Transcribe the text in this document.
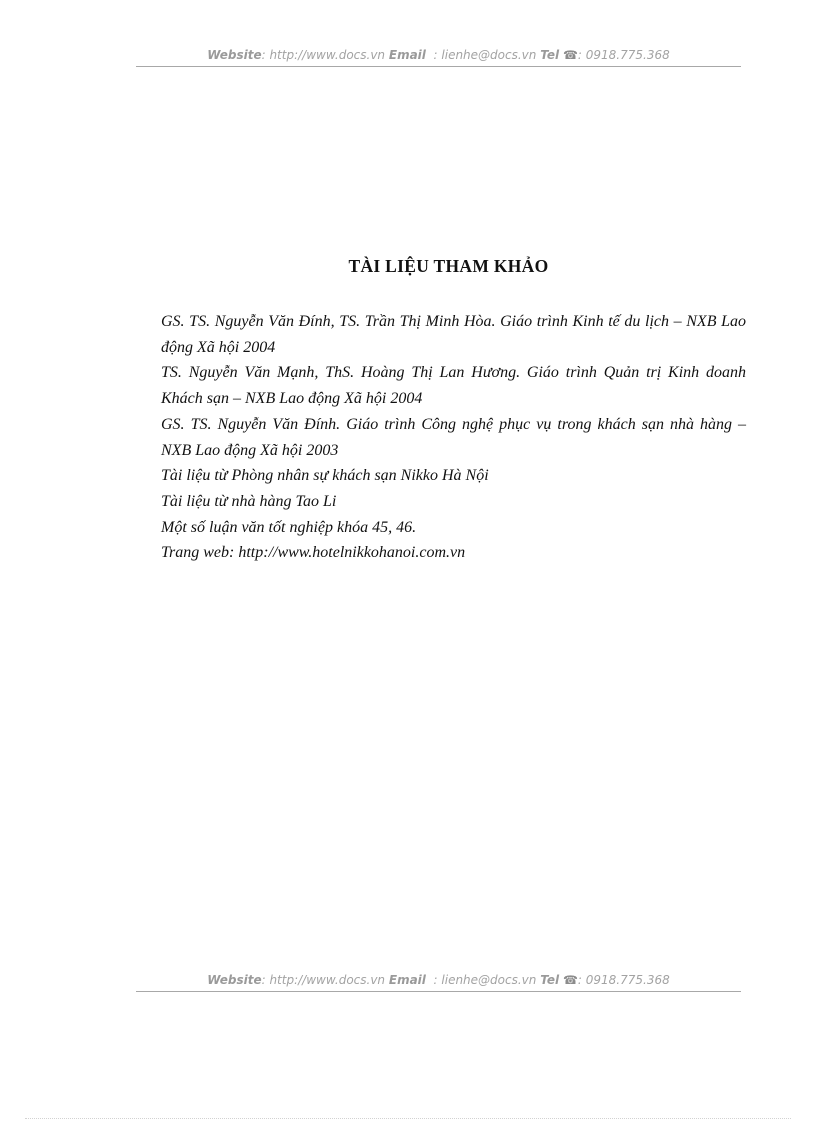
Website: http://www.docs.vn Email : lienhe@docs.vn Tel ☎: 0918.775.368
TÀI LIỆU THAM KHẢO

GS. TS. Nguyễn Văn Đính, TS. Trần Thị Minh Hòa. Giáo trình Kinh tế du lịch – NXB Lao động Xã hội 2004

TS. Nguyễn Văn Mạnh, ThS. Hoàng Thị Lan Hương. Giáo trình Quản trị Kinh doanh Khách sạn – NXB Lao động Xã hội 2004

GS. TS. Nguyễn Văn Đính. Giáo trình Công nghệ phục vụ trong khách sạn nhà hàng – NXB Lao động Xã hội 2003

Tài liệu từ Phòng nhân sự khách sạn Nikko Hà Nội

Tài liệu từ nhà hàng Tao Li

Một số luận văn tốt nghiệp khóa 45, 46.

Trang web: http://www.hotelnikkohanoi.com.vn

Website: http://www.docs.vn Email : lienhe@docs.vn Tel ☎: 0918.775.368
